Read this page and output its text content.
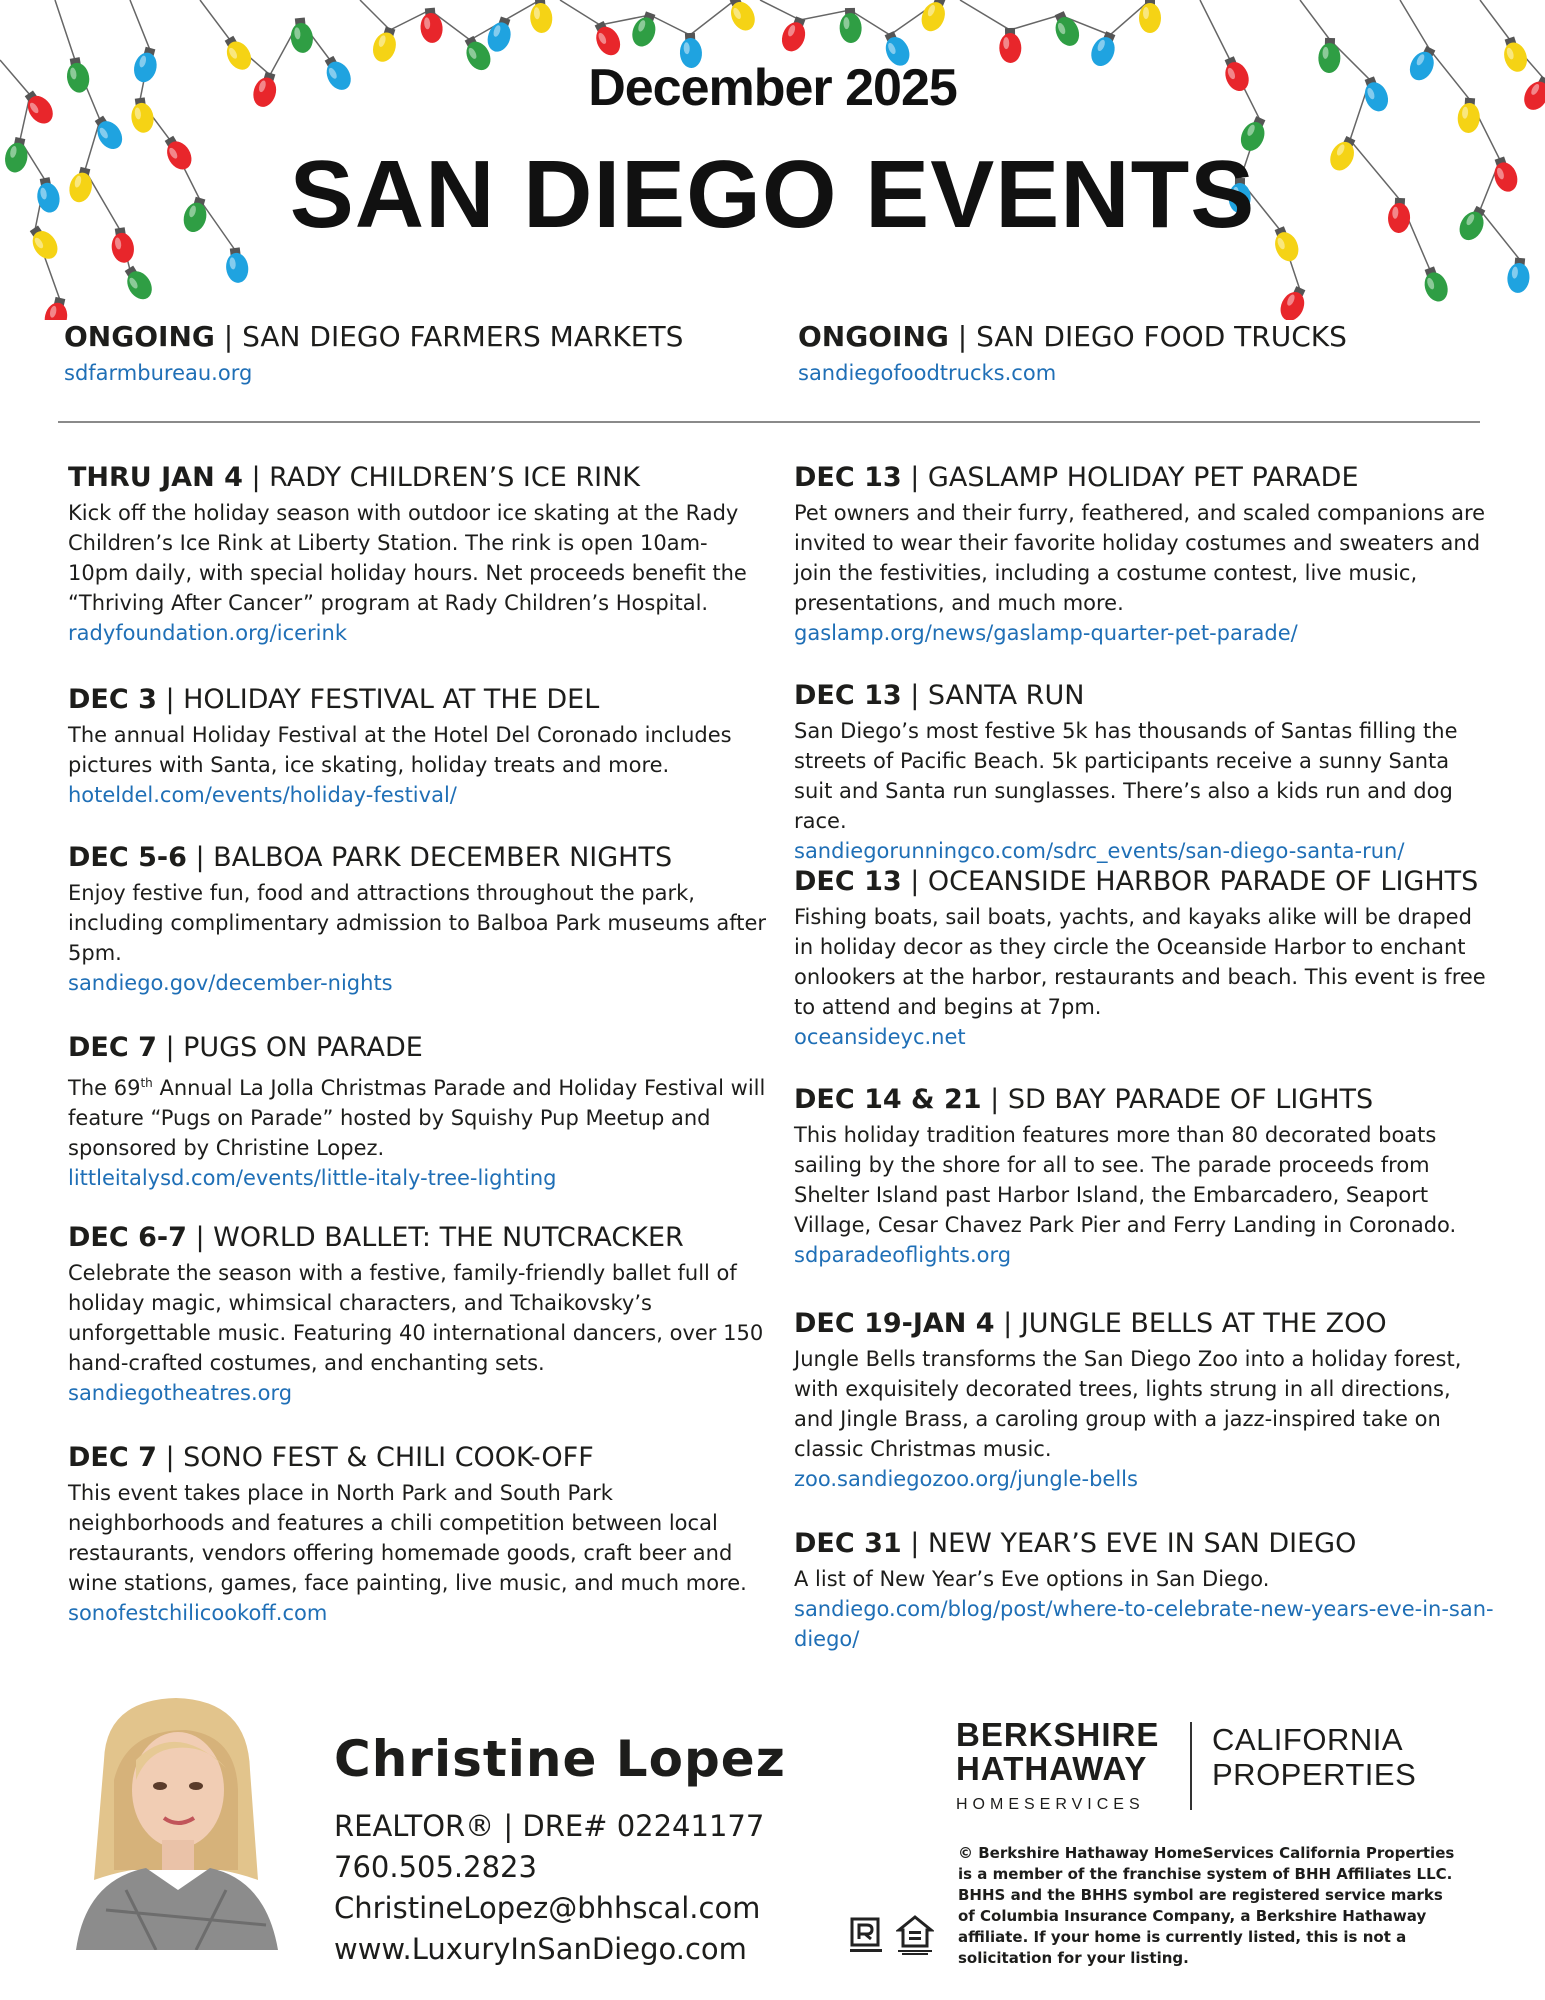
December 2025
SAN DIEGO EVENTS
ONGOING | SAN DIEGO FARMERS MARKETS
sdfarmbureau.org
ONGOING | SAN DIEGO FOOD TRUCKS
sandiegofoodtrucks.com
THRU JAN 4 | RADY CHILDREN’S ICE RINK
Kick off the holiday season with outdoor ice skating at the Rady Children’s Ice Rink at Liberty Station. The rink is open 10am-10pm daily, with special holiday hours. Net proceeds benefit the “Thriving After Cancer” program at Rady Children’s Hospital.
radyfoundation.org/icerink
DEC 3 | HOLIDAY FESTIVAL AT THE DEL
The annual Holiday Festival at the Hotel Del Coronado includes pictures with Santa, ice skating, holiday treats and more.
hoteldel.com/events/holiday-festival/
DEC 5-6 | BALBOA PARK DECEMBER NIGHTS
Enjoy festive fun, food and attractions throughout the park, including complimentary admission to Balboa Park museums after 5pm.
sandiego.gov/december-nights
DEC 7 | PUGS ON PARADE
The 69th Annual La Jolla Christmas Parade and Holiday Festival will feature “Pugs on Parade” hosted by Squishy Pup Meetup and sponsored by Christine Lopez.
littleitalysd.com/events/little-italy-tree-lighting
DEC 6-7 | WORLD BALLET: THE NUTCRACKER
Celebrate the season with a festive, family-friendly ballet full of holiday magic, whimsical characters, and Tchaikovsky’s unforgettable music. Featuring 40 international dancers, over 150 hand-crafted costumes, and enchanting sets.
sandiegotheatres.org
DEC 7 | SONO FEST & CHILI COOK-OFF
This event takes place in North Park and South Park neighborhoods and features a chili competition between local restaurants, vendors offering homemade goods, craft beer and wine stations, games, face painting, live music, and much more.
sonofestchilicookoff.com
DEC 13 | GASLAMP HOLIDAY PET PARADE
Pet owners and their furry, feathered, and scaled companions are invited to wear their favorite holiday costumes and sweaters and join the festivities, including a costume contest, live music, presentations, and much more.
gaslamp.org/news/gaslamp-quarter-pet-parade/
DEC 13 | SANTA RUN
San Diego’s most festive 5k has thousands of Santas filling the streets of Pacific Beach. 5k participants receive a sunny Santa suit and Santa run sunglasses. There’s also a kids run and dog race.
sandiegorunningco.com/sdrc_events/san-diego-santa-run/
DEC 13 | OCEANSIDE HARBOR PARADE OF LIGHTS
Fishing boats, sail boats, yachts, and kayaks alike will be draped in holiday decor as they circle the Oceanside Harbor to enchant onlookers at the harbor, restaurants and beach. This event is free to attend and begins at 7pm.
oceansideyc.net
DEC 14 & 21 | SD BAY PARADE OF LIGHTS
This holiday tradition features more than 80 decorated boats sailing by the shore for all to see. The parade proceeds from Shelter Island past Harbor Island, the Embarcadero, Seaport Village, Cesar Chavez Park Pier and Ferry Landing in Coronado.
sdparadeoflights.org
DEC 19-JAN 4 | JUNGLE BELLS AT THE ZOO
Jungle Bells transforms the San Diego Zoo into a holiday forest, with exquisitely decorated trees, lights strung in all directions, and Jingle Brass, a caroling group with a jazz-inspired take on classic Christmas music.
zoo.sandiegozoo.org/jungle-bells
DEC 31 | NEW YEAR’S EVE IN SAN DIEGO
A list of New Year’s Eve options in San Diego.
sandiego.com/blog/post/where-to-celebrate-new-years-eve-in-san-
diego/
Christine Lopez
REALTOR® | DRE# 02241177
760.505.2823
ChristineLopez@bhhscal.com
www.LuxuryInSanDiego.com
BERKSHIRE
HATHAWAY
HOMESERVICES
CALIFORNIA
PROPERTIES
© Berkshire Hathaway HomeServices California Properties is a member of the franchise system of BHH Affiliates LLC. BHHS and the BHHS symbol are registered service marks of Columbia Insurance Company, a Berkshire Hathaway affiliate. If your home is currently listed, this is not a solicitation for your listing.
